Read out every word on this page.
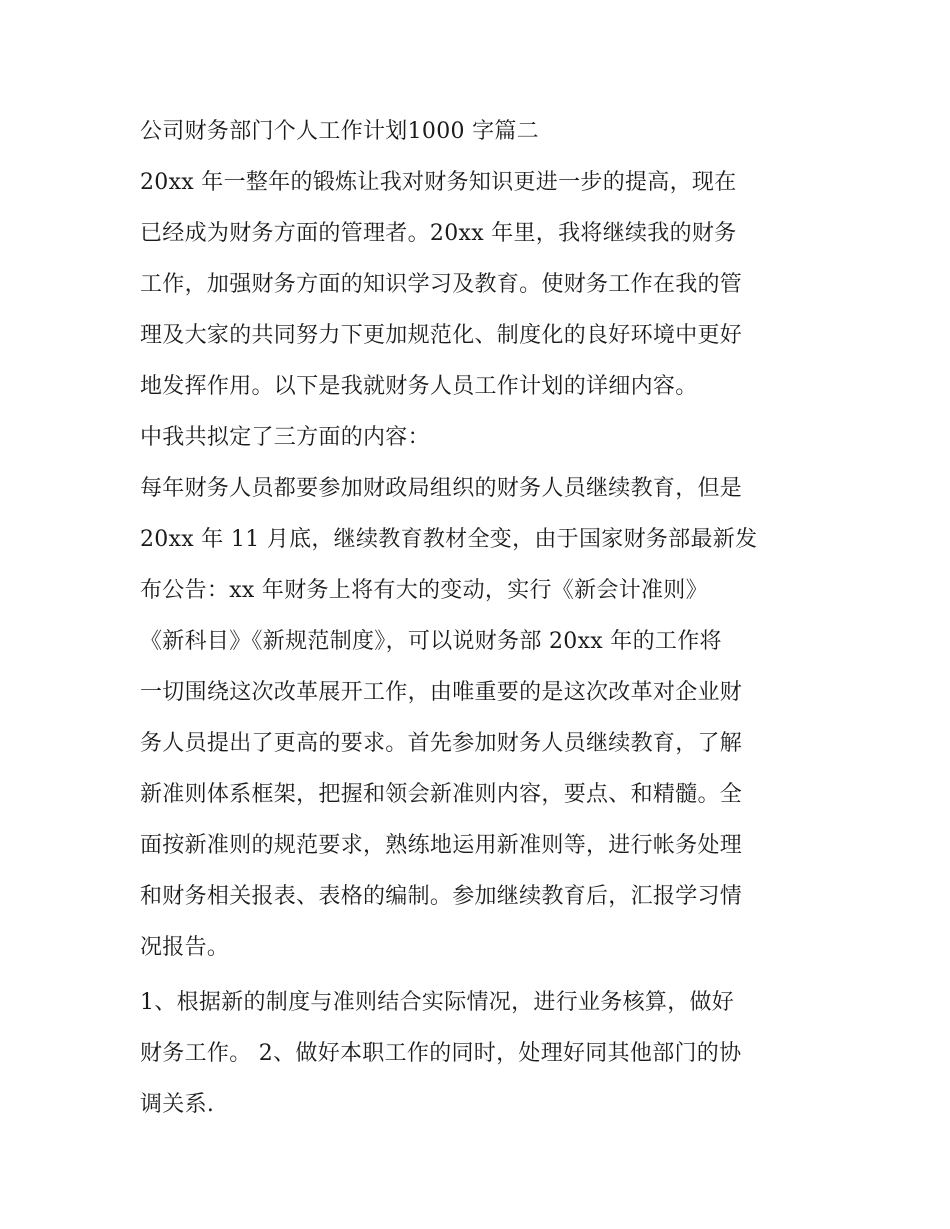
公司财务部门个人工作计划1000 字篇二
20xx 年一整年的锻炼让我对财务知识更进一步的提高，现在
已经成为财务方面的管理者。20xx 年里，我将继续我的财务
工作，加强财务方面的知识学习及教育。使财务工作在我的管
理及大家的共同努力下更加规范化、制度化的良好环境中更好
地发挥作用。以下是我就财务人员工作计划的详细内容。
中我共拟定了三方面的内容：
每年财务人员都要参加财政局组织的财务人员继续教育，但是
20xx 年 11 月底，继续教育教材全变，由于国家财务部最新发
布公告：xx 年财务上将有大的变动，实行《新会计准则》
《新科目》《新规范制度》，可以说财务部 20xx 年的工作将
一切围绕这次改革展开工作，由唯重要的是这次改革对企业财
务人员提出了更高的要求。首先参加财务人员继续教育，了解
新准则体系框架，把握和领会新准则内容，要点、和精髓。全
面按新准则的规范要求，熟练地运用新准则等，进行帐务处理
和财务相关报表、表格的编制。参加继续教育后，汇报学习情
况报告。
1、根据新的制度与准则结合实际情况，进行业务核算，做好
财务工作。 2、做好本职工作的同时，处理好同其他部门的协
调关系.
